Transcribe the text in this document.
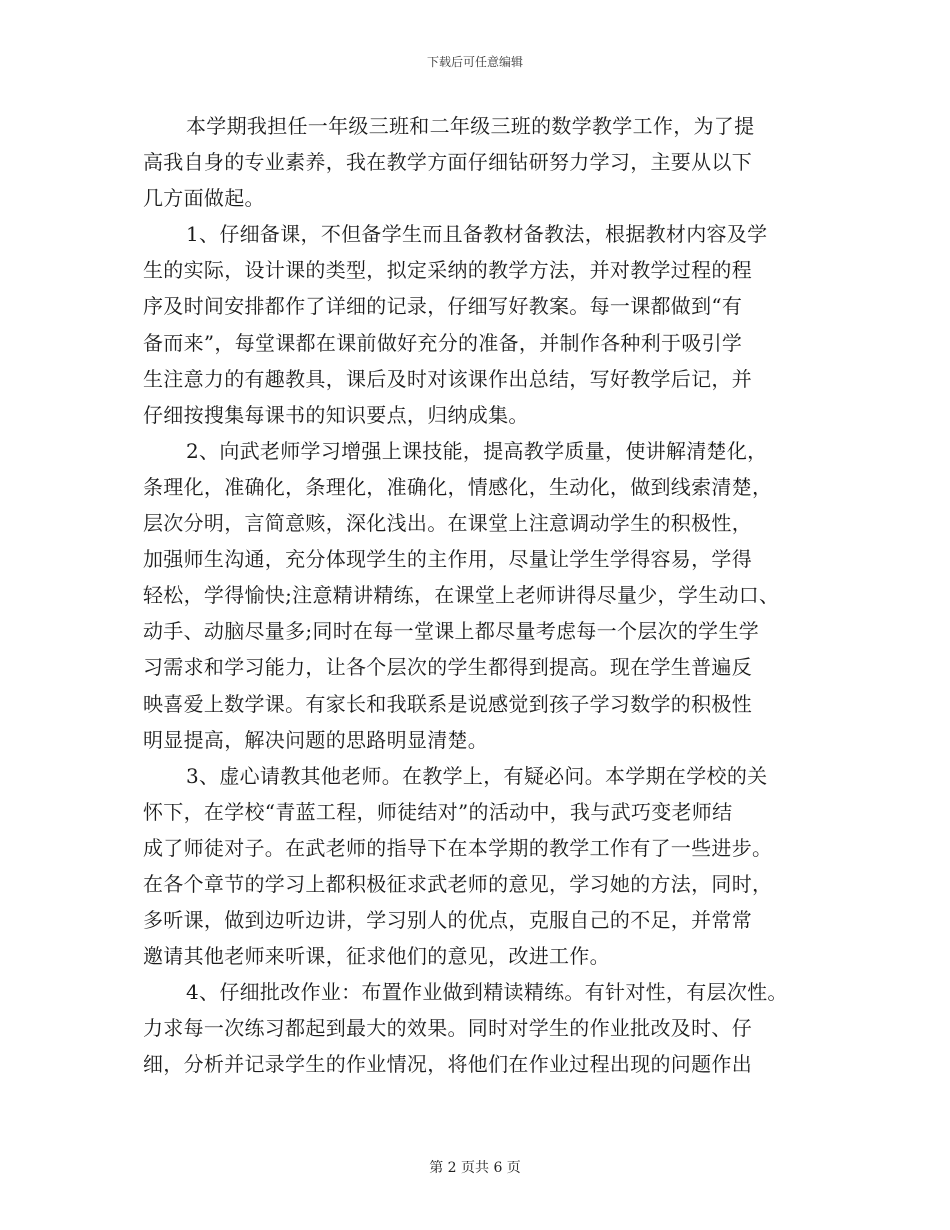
下载后可任意编辑
本学期我担任一年级三班和二年级三班的数学教学工作，为了提
高我自身的专业素养，我在教学方面仔细钻研努力学习，主要从以下
几方面做起。
1、仔细备课，不但备学生而且备教材备教法，根据教材内容及学
生的实际，设计课的类型，拟定采纳的教学方法，并对教学过程的程
序及时间安排都作了详细的记录，仔细写好教案。每一课都做到“有
备而来”，每堂课都在课前做好充分的准备，并制作各种利于吸引学
生注意力的有趣教具，课后及时对该课作出总结，写好教学后记，并
仔细按搜集每课书的知识要点，归纳成集。
2、向武老师学习增强上课技能，提高教学质量，使讲解清楚化，
条理化，准确化，条理化，准确化，情感化，生动化，做到线索清楚，
层次分明，言简意赅，深化浅出。在课堂上注意调动学生的积极性，
加强师生沟通，充分体现学生的主作用，尽量让学生学得容易，学得
轻松，学得愉快;注意精讲精练，在课堂上老师讲得尽量少，学生动口、
动手、动脑尽量多;同时在每一堂课上都尽量考虑每一个层次的学生学
习需求和学习能力，让各个层次的学生都得到提高。现在学生普遍反
映喜爱上数学课。有家长和我联系是说感觉到孩子学习数学的积极性
明显提高，解决问题的思路明显清楚。
3、虚心请教其他老师。在教学上，有疑必问。本学期在学校的关
怀下，在学校“青蓝工程，师徒结对”的活动中，我与武巧变老师结
成了师徒对子。在武老师的指导下在本学期的教学工作有了一些进步。
在各个章节的学习上都积极征求武老师的意见，学习她的方法，同时，
多听课，做到边听边讲，学习别人的优点，克服自己的不足，并常常
邀请其他老师来听课，征求他们的意见，改进工作。
4、仔细批改作业：布置作业做到精读精练。有针对性，有层次性。
力求每一次练习都起到最大的效果。同时对学生的作业批改及时、仔
细，分析并记录学生的作业情况，将他们在作业过程出现的问题作出
第 2 页共 6 页
